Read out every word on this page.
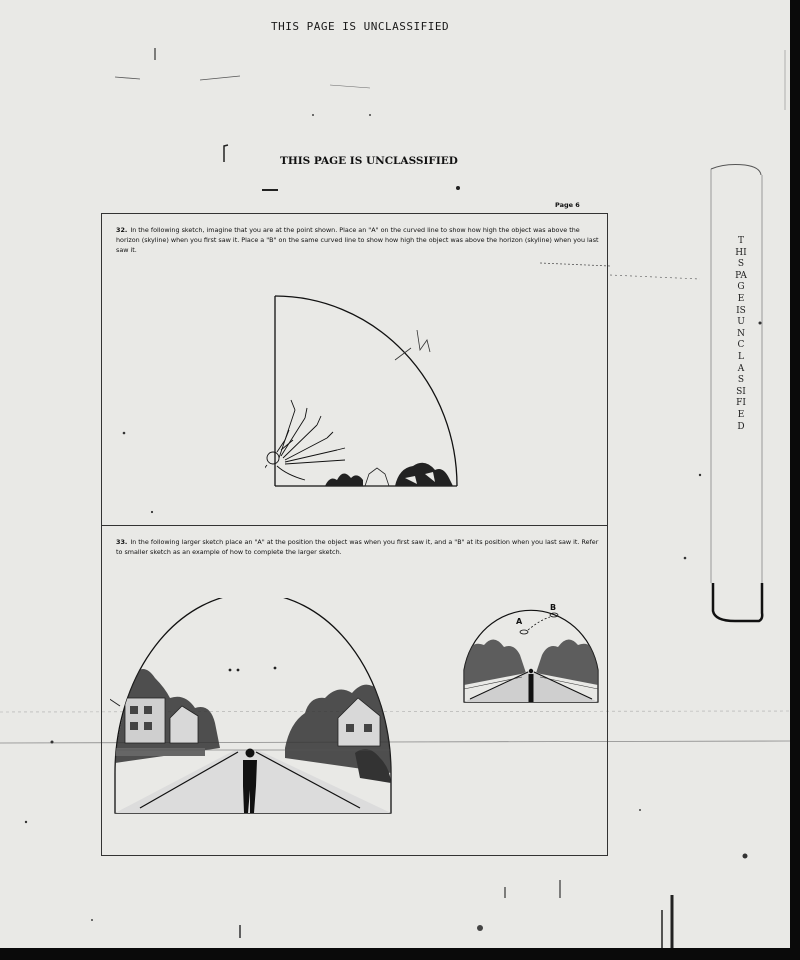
THIS PAGE IS UNCLASSIFIED
THIS PAGE IS UNCLASSIFIED
Page 6
32. In the following sketch, imagine that you are at the point shown. Place an "A" on the curved line to show how high the object was above the horizon (skyline) when you first saw it. Place a "B" on the same curved line to show how high the object was above the horizon (skyline) when you last saw it.
33. In the following larger sketch place an "A" at the position the object was when you first saw it, and a "B" at its position when you last saw it. Refer to smaller sketch as an example of how to complete the larger sketch.
A
B
THIS PAGE IS UNCLASSIFIED
